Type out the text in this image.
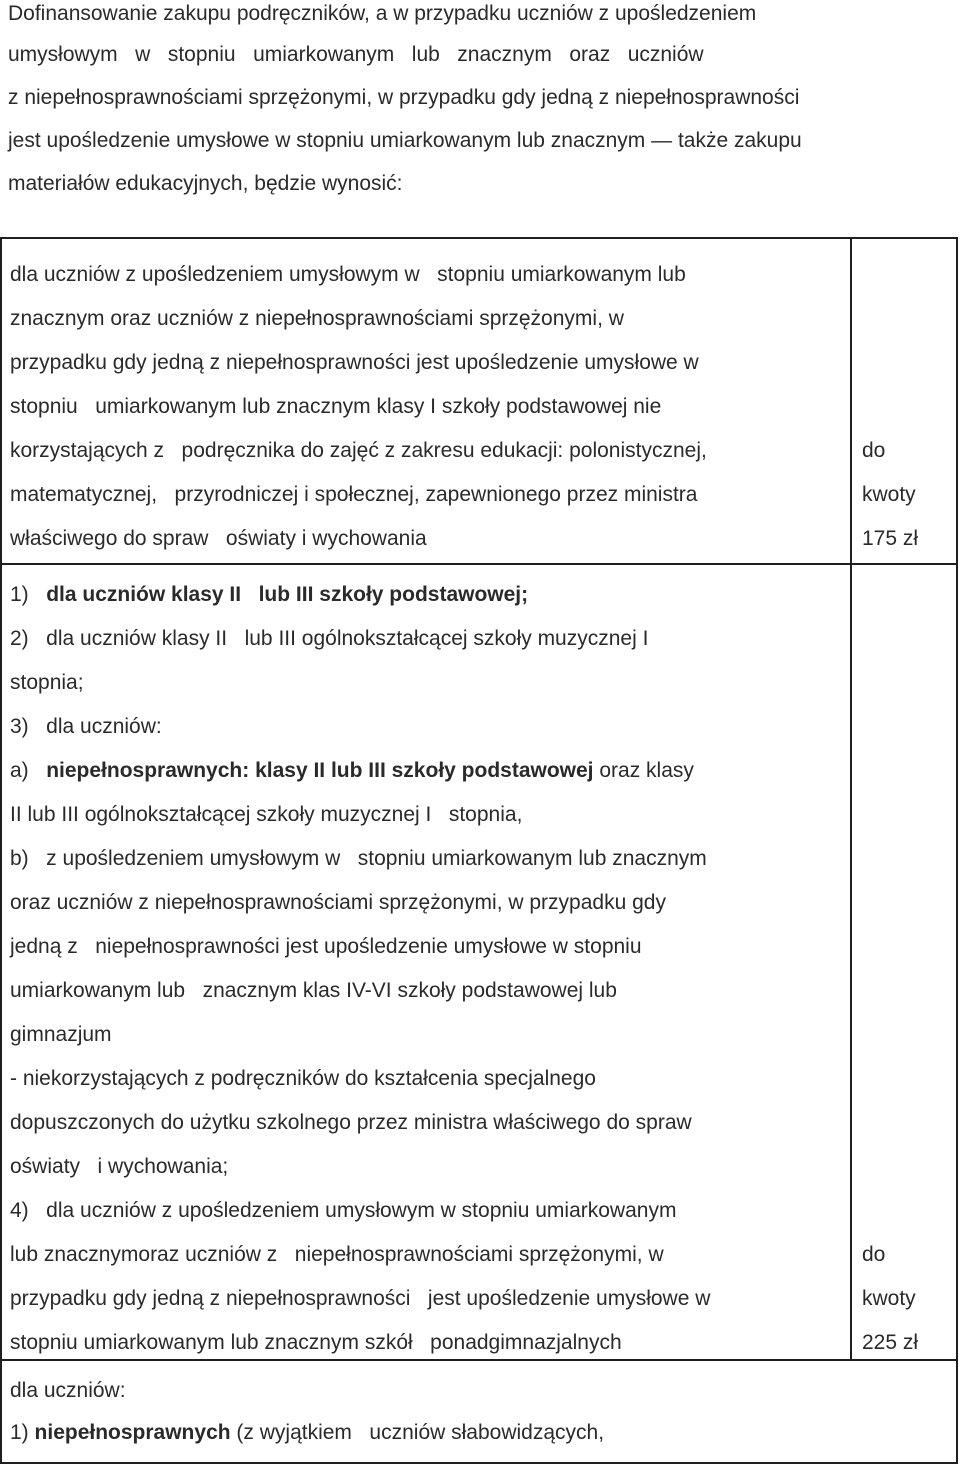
Dofinansowanie zakupu podręczników, a w przypadku uczniów z upośledzeniem
umysłowym   w   stopniu   umiarkowanym   lub   znacznym   oraz   uczniów
z niepełnosprawnościami sprzężonymi, w przypadku gdy jedną z niepełnosprawności
jest upośledzenie umysłowe w stopniu umiarkowanym lub znacznym — także zakupu
materiałów edukacyjnych, będzie wynosić:
dla uczniów z upośledzeniem umysłowym w   stopniu umiarkowanym lub
znacznym oraz uczniów z niepełnosprawnościami sprzężonymi, w
przypadku gdy jedną z niepełnosprawności jest upośledzenie umysłowe w
stopniu   umiarkowanym lub znacznym klasy I szkoły podstawowej nie
korzystających z   podręcznika do zajęć z zakresu edukacji: polonistycznej,
matematycznej,   przyrodniczej i społecznej, zapewnionego przez ministra
właściwego do spraw   oświaty i wychowania
do
kwoty
175 zł
1) dla uczniów klasy II   lub III szkoły podstawowej;
2)   dla uczniów klasy II   lub III ogólnokształcącej szkoły muzycznej I
stopnia;
3)   dla uczniów:
a) niepełnosprawnych: klasy II lub III szkoły podstawowej oraz klasy
II lub III ogólnokształcącej szkoły muzycznej I   stopnia,
b)   z upośledzeniem umysłowym w   stopniu umiarkowanym lub znacznym
oraz uczniów z niepełnosprawnościami sprzężonymi, w przypadku gdy
jedną z   niepełnosprawności jest upośledzenie umysłowe w stopniu
umiarkowanym lub   znacznym klas IV-VI szkoły podstawowej lub
gimnazjum
- niekorzystających z podręczników do kształcenia specjalnego
dopuszczonych do użytku szkolnego przez ministra właściwego do spraw
oświaty   i wychowania;
4)   dla uczniów z upośledzeniem umysłowym w stopniu umiarkowanym
lub znacznymoraz uczniów z   niepełnosprawnościami sprzężonymi, w
przypadku gdy jedną z niepełnosprawności   jest upośledzenie umysłowe w
stopniu umiarkowanym lub znacznym szkół   ponadgimnazjalnych
do
kwoty
225 zł
dla uczniów:
1) niepełnosprawnych (z wyjątkiem   uczniów słabowidzących,
